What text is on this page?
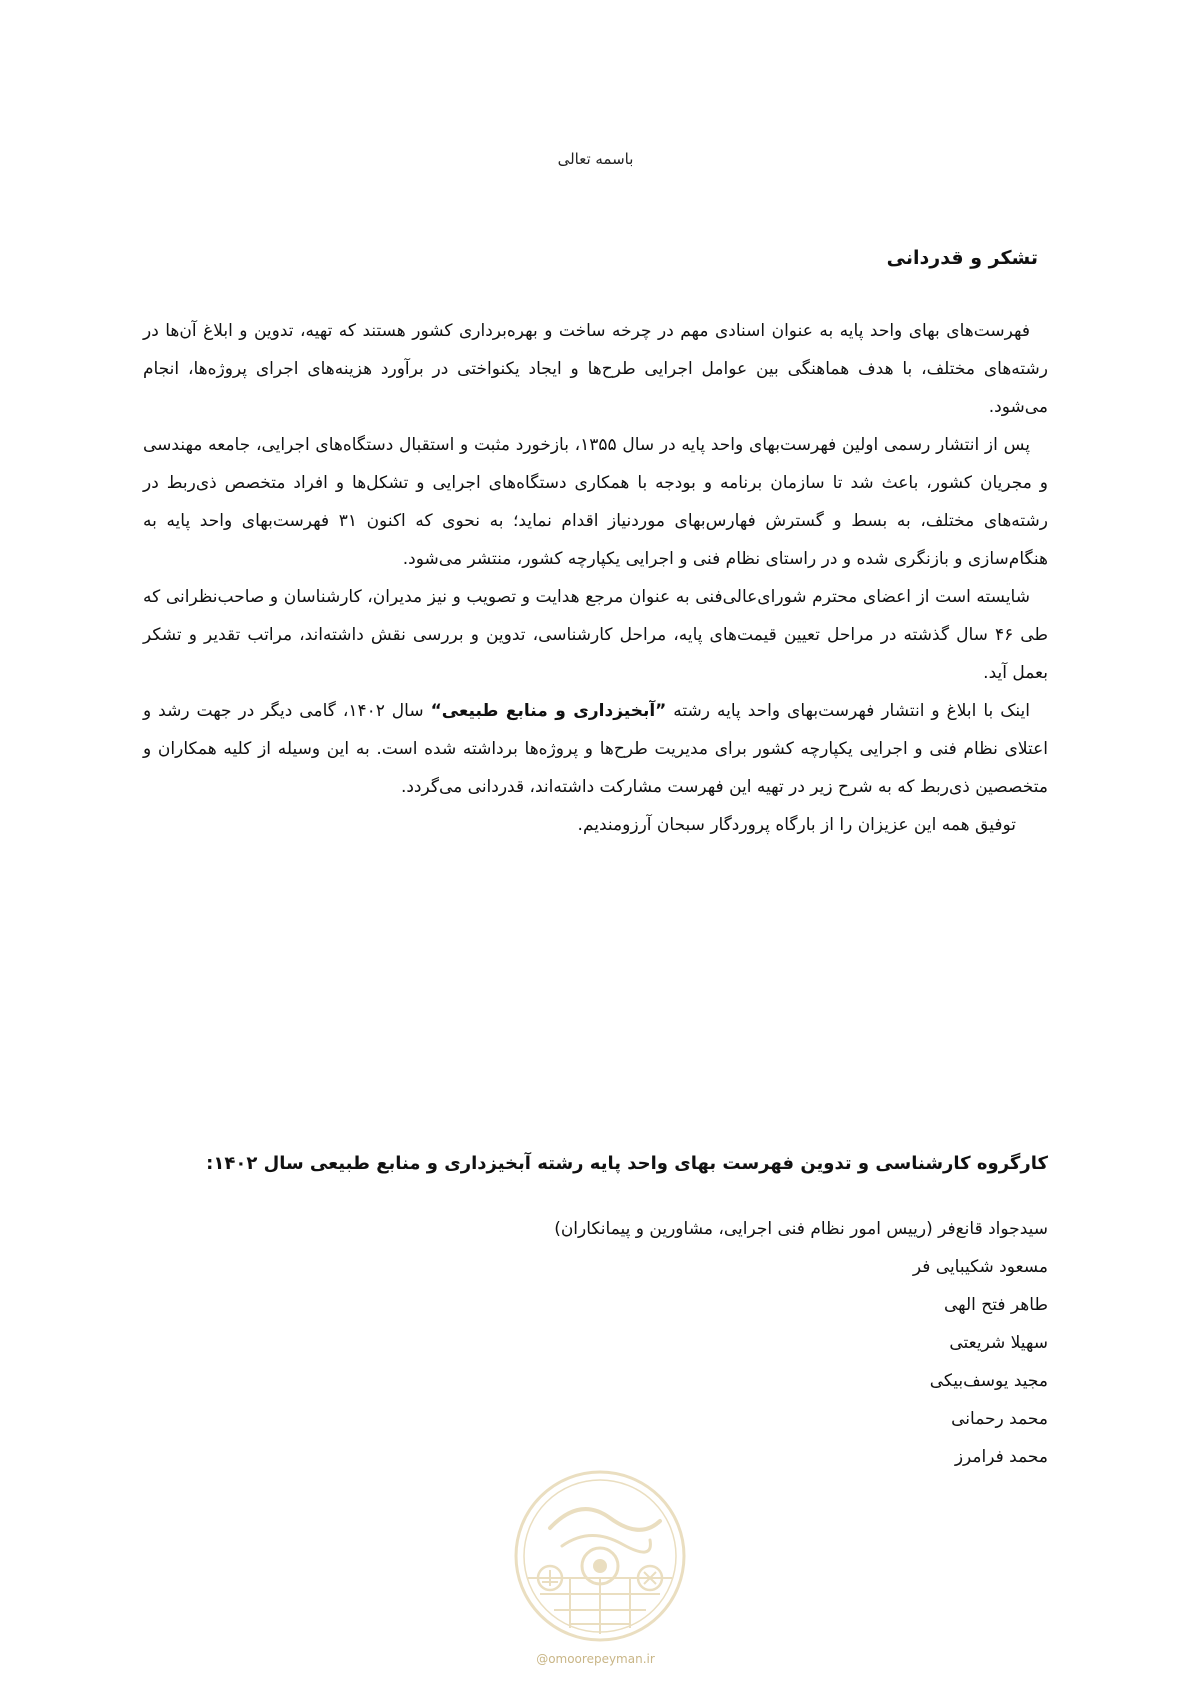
باسمه تعالی
تشکر و قدردانی

فهرست‌های بهای واحد پایه به عنوان اسنادی مهم در چرخه ساخت و بهره‌برداری کشور هستند که تهیه، تدوین و ابلاغ آن‌ها در رشته‌های مختلف، با هدف هماهنگی بین عوامل اجرایی طرح‌ها و ایجاد یکنواختی در برآورد هزینه‌های اجرای پروژه‌ها، انجام می‌شود.

پس از انتشار رسمی اولین فهرست‌بهای واحد پایه در سال ۱۳۵۵، بازخورد مثبت و استقبال دستگاه‌های اجرایی، جامعه مهندسی و مجریان کشور، باعث شد تا سازمان برنامه و بودجه با همکاری دستگاه‌های اجرایی و تشکل‌ها و افراد متخصص ذی‌ربط در رشته‌های مختلف، به بسط و گسترش فهارس‌بهای موردنیاز اقدام نماید؛ به نحوی که اکنون ۳۱ فهرست‌بهای واحد پایه به هنگام‌سازی و بازنگری شده و در راستای نظام فنی و اجرایی یکپارچه کشور، منتشر می‌شود.

شایسته است از اعضای محترم شورای‌عالی‌فنی به عنوان مرجع هدایت و تصویب و نیز مدیران، کارشناسان و صاحب‌نظرانی که طی ۴۶ سال گذشته در مراحل تعیین قیمت‌های پایه، مراحل کارشناسی، تدوین و بررسی نقش داشته‌اند، مراتب تقدیر و تشکر بعمل آید.

اینک با ابلاغ و انتشار فهرست‌بهای واحد پایه رشته ”آبخیزداری و منابع طبیعی“ سال ۱۴۰۲، گامی دیگر در جهت رشد و اعتلای نظام فنی و اجرایی یکپارچه کشور برای مدیریت طرح‌ها و پروژه‌ها برداشته شده است. به این وسیله از کلیه همکاران و متخصصین ذی‌ربط که به شرح زیر در تهیه این فهرست مشارکت داشته‌اند، قدردانی می‌گردد.

توفیق همه این عزیزان را از بارگاه پروردگار سبحان آرزومندیم.

کارگروه کارشناسی و تدوین فهرست بهای واحد پایه رشته آبخیزداری و منابع طبیعی سال ۱۴۰۲:
سیدجواد قانع‌فر (رییس امور نظام فنی اجرایی، مشاورین و پیمانکاران)
مسعود شکیبایی فر
طاهر فتح الهی
سهیلا شریعتی
مجید یوسف‌بیکی
محمد رحمانی
محمد فرامرز
@omoorepeyman.ir
